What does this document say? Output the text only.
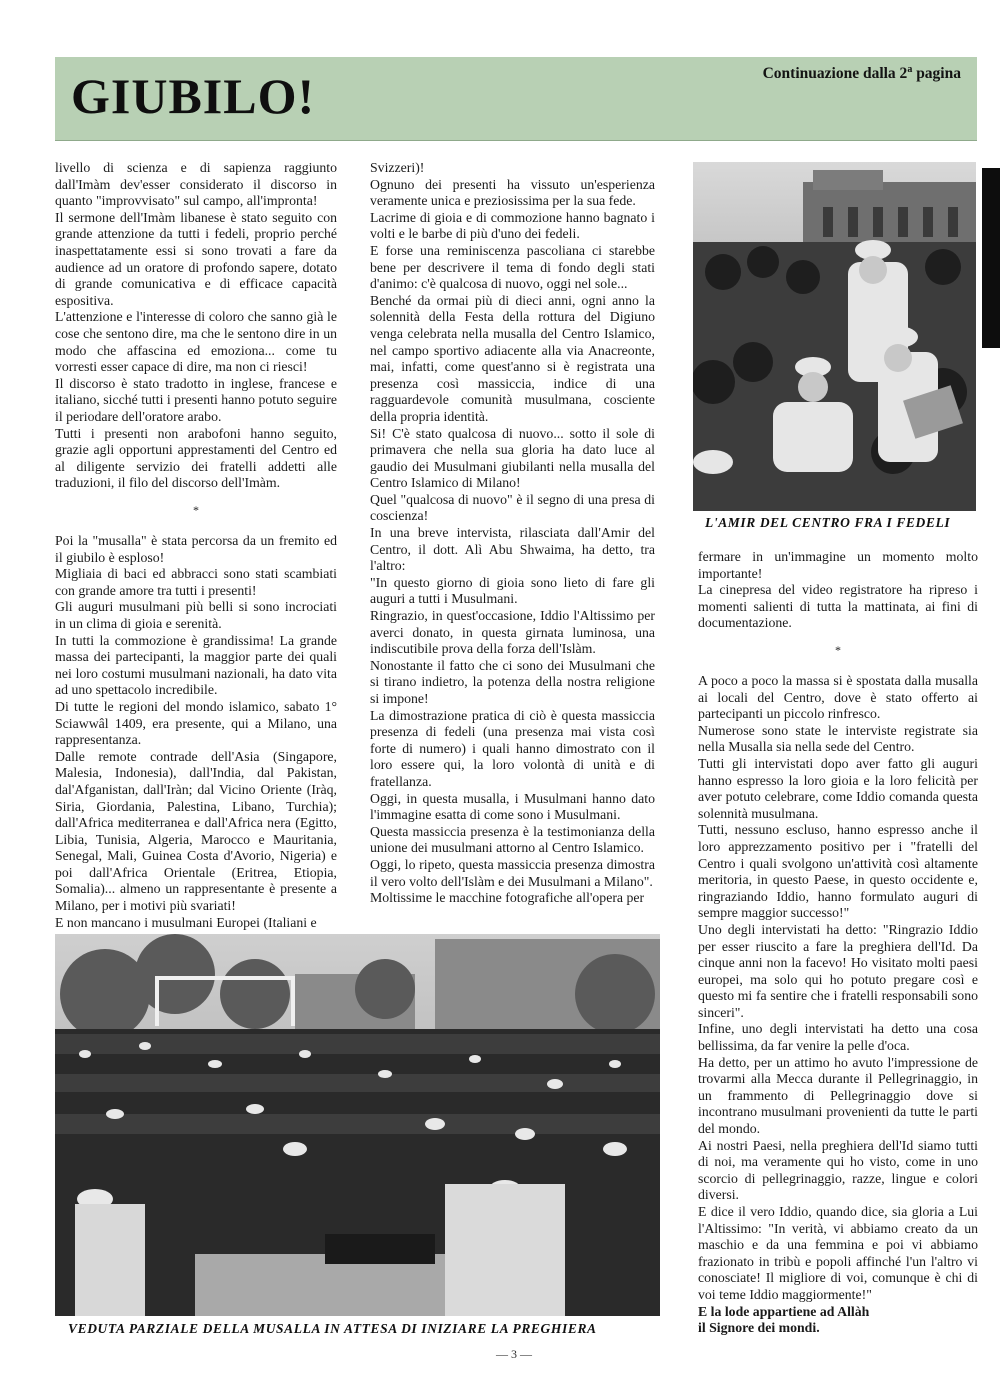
GIUBILO!	Continuazione dalla 2$^a$ pagina

livello di scienza e di sapienza raggiunto dall'Imàm dev'esser considerato il discorso in quanto "improvvisato" sul campo, all'impronta!

Il sermone dell'Imàm libanese è stato seguito con grande attenzione da tutti i fedeli, proprio perché inaspettatamente essi si sono trovati a fare da audience ad un oratore di profondo sapere, dotato di grande comunicativa e di efficace capacità espositiva.

L'attenzione e l'interesse di coloro che sanno già le cose che sentono dire, ma che le sentono dire in un modo che affascina ed emoziona... come tu vorresti esser capace di dire, ma non ci riesci!

Il discorso è stato tradotto in inglese, francese e italiano, sicché tutti i presenti hanno potuto seguire il periodare dell'oratore arabo.

Tutti i presenti non arabofoni hanno seguito, grazie agli opportuni apprestamenti del Centro ed al diligente servizio dei fratelli addetti alle traduzioni, il filo del discorso dell'Imàm.

*

Poi la "musalla" è stata percorsa da un fremito ed il giubilo è esploso!

Migliaia di baci ed abbracci sono stati scambiati con grande amore tra tutti i presenti!

Gli auguri musulmani più belli si sono incrociati in un clima di gioia e serenità.

In tutti la commozione è grandissima! La grande massa dei partecipanti, la maggior parte dei quali nei loro costumi musulmani nazionali, ha dato vita ad uno spettacolo incredibile.

Di tutte le regioni del mondo islamico, sabato 1° Sciawwâl 1409, era presente, qui a Milano, una rappresentanza.

Dalle remote contrade dell'Asia (Singapore, Malesia, Indonesia), dall'India, dal Pakistan, dal'Afganistan, dall'Iràn; dal Vicino Oriente (Iràq, Siria, Giordania, Palestina, Libano, Turchia); dall'Africa mediterranea e dall'Africa nera (Egitto, Libia, Tunisia, Algeria, Marocco e Mauritania, Senegal, Mali, Guinea Costa d'Avorio, Nigeria) e poi dall'Africa Orientale (Eritrea, Etiopia, Somalia)... almeno un rappresentante è presente a Milano, per i motivi più svariati!

E non mancano i musulmani Europei (Italiani e

Svizzeri)!

Ognuno dei presenti ha vissuto un'esperienza veramente unica e preziosissima per la sua fede.

Lacrime di gioia e di commozione hanno bagnato i volti e le barbe di più d'uno dei fedeli.

E forse una reminiscenza pascoliana ci starebbe bene per descrivere il tema di fondo degli stati d'animo: c'è qualcosa di nuovo, oggi nel sole...

Benché da ormai più di dieci anni, ogni anno la solennità della Festa della rottura del Digiuno venga celebrata nella musalla del Centro Islamico, nel campo sportivo adiacente alla via Anacreonte, mai, infatti, come quest'anno si è registrata una presenza così massiccia, indice di una ragguardevole comunità musulmana, cosciente della propria identità.

Si! C'è stato qualcosa di nuovo... sotto il sole di primavera che nella sua gloria ha dato luce al gaudio dei Musulmani giubilanti nella musalla del Centro Islamico di Milano!

Quel "qualcosa di nuovo" è il segno di una presa di coscienza!

In una breve intervista, rilasciata dall'Amir del Centro, il dott. Alì Abu Shwaima, ha detto, tra l'altro:

"In questo giorno di gioia sono lieto di fare gli auguri a tutti i Musulmani.

Ringrazio, in quest'occasione, Iddio l'Altissimo per averci donato, in questa girnata luminosa, una indiscutibile prova della forza dell'Islàm.

Nonostante il fatto che ci sono dei Musulmani che si tirano indietro, la potenza della nostra religione si impone!

La dimostrazione pratica di ciò è questa massiccia presenza di fedeli (una presenza mai vista così forte di numero) i quali hanno dimostrato con il loro essere qui, la loro volontà di unità e di fratellanza.

Oggi, in questa musalla, i Musulmani hanno dato l'immagine esatta di come sono i Musulmani.

Questa massiccia presenza è la testimonianza della unione dei musulmani attorno al Centro Islamico.

Oggi, lo ripeto, questa massiccia presenza dimostra il vero volto dell'Islàm e dei Musulmani a Milano".

Moltissime le macchine fotografiche all'opera per

L'AMIR DEL CENTRO FRA I FEDELI

fermare in un'immagine un momento molto importante!

La cinepresa del video registratore ha ripreso i momenti salienti di tutta la mattinata, ai fini di documentazione.

*

A poco a poco la massa si è spostata dalla musalla ai locali del Centro, dove è stato offerto ai partecipanti un piccolo rinfresco.

Numerose sono state le interviste registrate sia nella Musalla sia nella sede del Centro.

Tutti gli intervistati dopo aver fatto gli auguri hanno espresso la loro gioia e la loro felicità per aver potuto celebrare, come Iddio comanda questa solennità musulmana.

Tutti, nessuno escluso, hanno espresso anche il loro apprezzamento positivo per i "fratelli del Centro i quali svolgono un'attività così altamente meritoria, in questo Paese, in questo occidente e, ringraziando Iddio, hanno formulato auguri di sempre maggior successo!"

Uno degli intervistati ha detto: "Ringrazio Iddio per esser riuscito a fare la preghiera dell'Id. Da cinque anni non la facevo! Ho visitato molti paesi europei, ma solo qui ho potuto pregare così e questo mi fa sentire che i fratelli responsabili sono sinceri".

Infine, uno degli intervistati ha detto una cosa bellissima, da far venire la pelle d'oca.

Ha detto, per un attimo ho avuto l'impressione de trovarmi alla Mecca durante il Pellegrinaggio, in un frammento di Pellegrinaggio dove si incontrano musulmani provenienti da tutte le parti del mondo.

Ai nostri Paesi, nella preghiera dell'Id siamo tutti di noi, ma veramente qui ho visto, come in uno scorcio di pellegrinaggio, razze, lingue e colori diversi.

E dice il vero Iddio, quando dice, sia gloria a Lui l'Altissimo: "In verità, vi abbiamo creato da un maschio e da una femmina e poi vi abbiamo frazionato in tribù e popoli affinché l'un l'altro vi conosciate! Il migliore di voi, comunque è chi di voi teme Iddio maggiormente!"

E la lode appartiene ad Allàh

il Signore dei mondi.

VEDUTA PARZIALE DELLA MUSALLA IN ATTESA DI INIZIARE LA PREGHIERA
— 3 —
